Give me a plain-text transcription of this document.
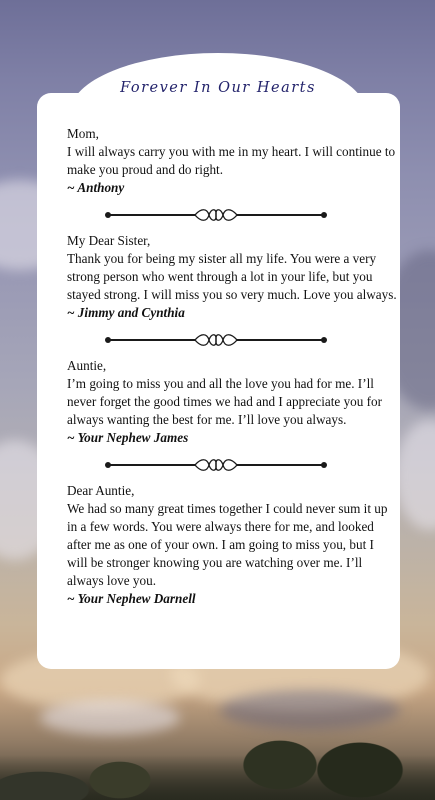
Forever In Our Hearts

Mom,

I will always carry you with me in my heart. I will continue to make you proud and do right.

~ Anthony

My Dear Sister,

Thank you for being my sister all my life. You were a very strong person who went through a lot in your life, but you stayed strong. I will miss you so very much. Love you always.

~ Jimmy and Cynthia

Auntie,

I’m going to miss you and all the love you had for me. I’ll never forget the good times we had and I appreciate you for always wanting the best for me. I’ll love you always.

~ Your Nephew James

Dear Auntie,

We had so many great times together I could never sum it up in a few words. You were always there for me, and looked after me as one of your own. I am going to miss you, but I will be stronger knowing you are watching over me. I’ll always love you.

~ Your Nephew Darnell
